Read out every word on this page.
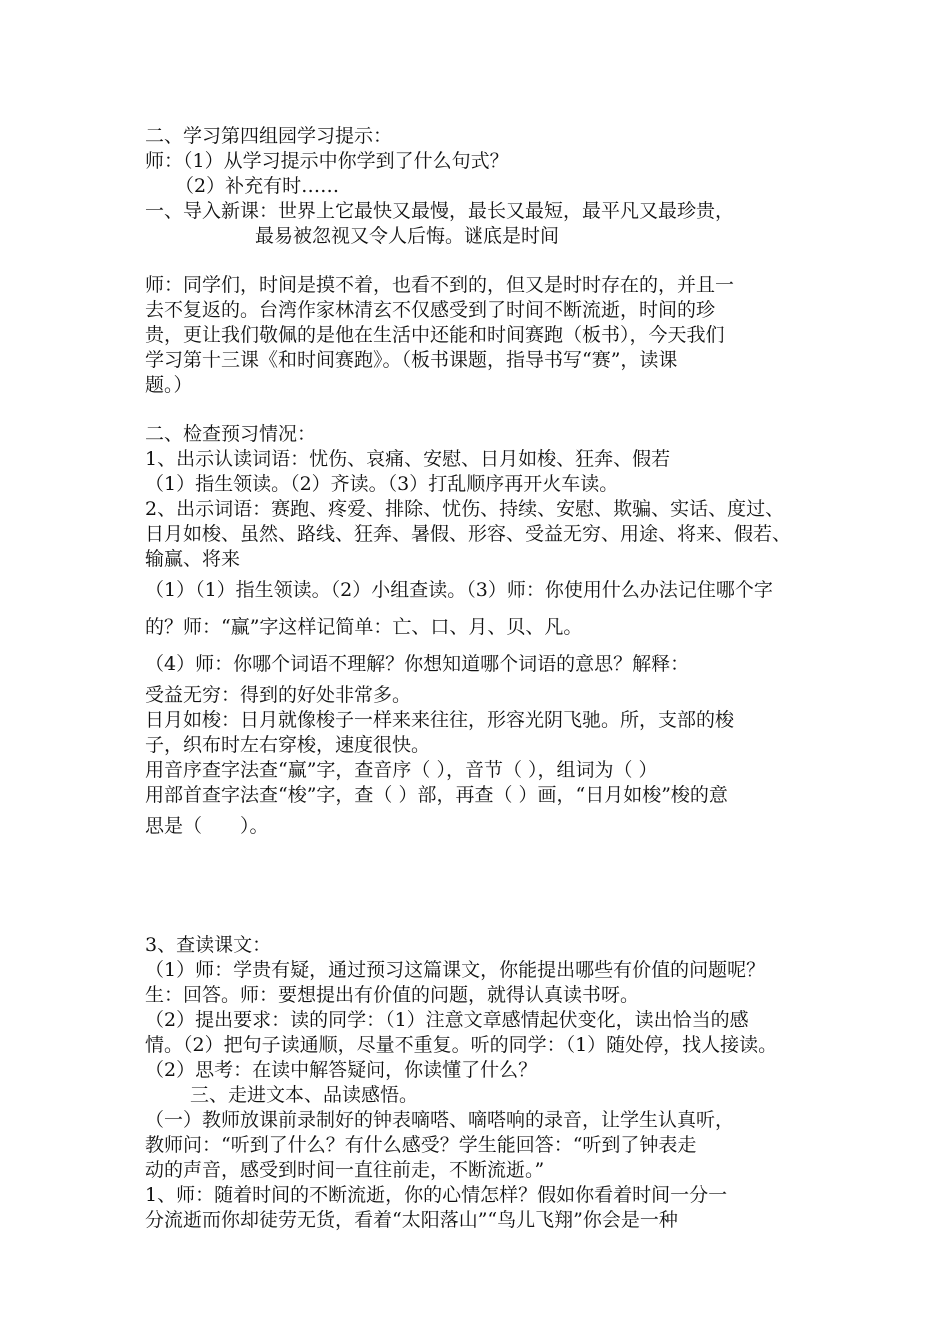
二、学习第四组园学习提示：
师：（1）从学习提示中你学到了什么句式？
（2）补充有时……
一、导入新课：世界上它最快又最慢，最长又最短，最平凡又最珍贵，
最易被忽视又令人后悔。谜底是时间
师：同学们，时间是摸不着，也看不到的，但又是时时存在的，并且一
去不复返的。台湾作家林清玄不仅感受到了时间不断流逝，时间的珍
贵，更让我们敬佩的是他在生活中还能和时间赛跑（板书），今天我们
学习第十三课《和时间赛跑》。（板书课题，指导书写“赛”，读课
题。）
二、检查预习情况：
1、出示认读词语：忧伤、哀痛、安慰、日月如梭、狂奔、假若
（1）指生领读。（2）齐读。（3）打乱顺序再开火车读。
2、出示词语：赛跑、疼爱、排除、忧伤、持续、安慰、欺骗、实话、度过、
日月如梭、虽然、路线、狂奔、暑假、形容、受益无穷、用途、将来、假若、
输赢、将来
（1）（1）指生领读。（2）小组查读。（3）师：你使用什么办法记住哪个字
的？师：“赢”字这样记简单：亡、口、月、贝、凡。
（4）师：你哪个词语不理解？你想知道哪个词语的意思？解释：
受益无穷：得到的好处非常多。
日月如梭：日月就像梭子一样来来往往，形容光阴飞驰。所，支部的梭
子，织布时左右穿梭，速度很快。
用音序查字法查“赢”字，查音序（ ），音节（ ），组词为（ ）
用部首查字法查“梭”字，查（ ）部，再查（ ）画，“日月如梭”梭的意
思是（　　）。
3、查读课文：
（1）师：学贵有疑，通过预习这篇课文，你能提出哪些有价值的问题呢？
生：回答。师：要想提出有价值的问题，就得认真读书呀。
（2）提出要求：读的同学：（1）注意文章感情起伏变化，读出恰当的感
情。（2）把句子读通顺，尽量不重复。听的同学：（1）随处停，找人接读。
（2）思考：在读中解答疑问，你读懂了什么？
三、走进文本、品读感悟。
（一）教师放课前录制好的钟表嘀嗒、嘀嗒响的录音，让学生认真听，
教师问：“听到了什么？有什么感受？学生能回答：“听到了钟表走
动的声音，感受到时间一直往前走，不断流逝。”
1、师：随着时间的不断流逝，你的心情怎样？假如你看着时间一分一
分流逝而你却徒劳无货，看着“太阳落山”“鸟儿飞翔”你会是一种
